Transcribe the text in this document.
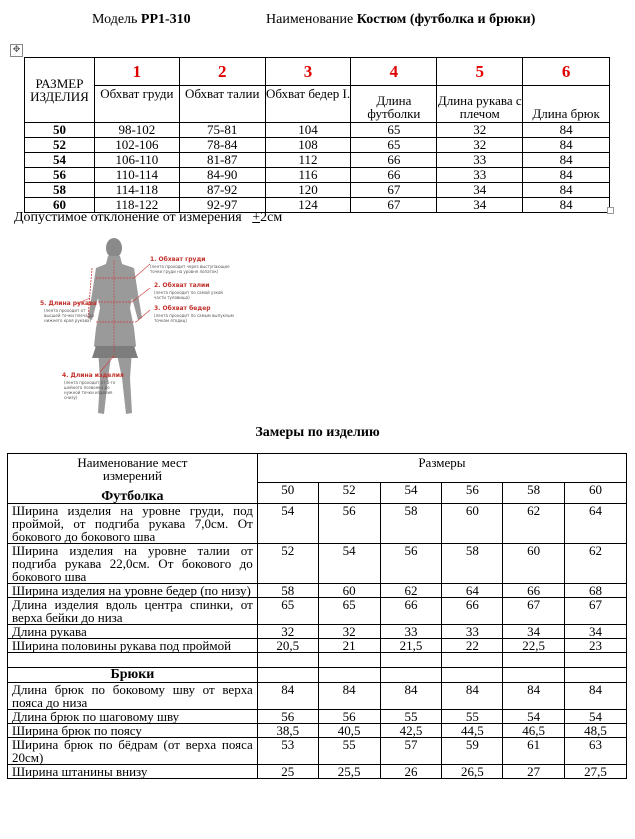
Модель PP1-310	Наименование Костюм (футболка и брюки)
✥
РАЗМЕР ИЗДЕЛИЯ	1	2	3	4	5	6
	Обхват груди	Обхват талии	Обхват бедер I.	Длина футболки	Длина рукава с плечом	Длина брюк
50	98-102	75-81	104	65	32	84
52	102-106	78-84	108	65	32	84
54	106-110	81-87	112	66	33	84
56	110-114	84-90	116	66	33	84
58	114-118	87-92	120	67	34	84
60	118-122	92-97	124	67	34	84
Допустимое отклонение от измерения +2см
1. Обхват груди
(лента проходит через выступающие точки груди на уровне лопаток)
2. Обхват талии
(лента проходит по самой узкой части туловища)
3. Обхват бедер
(лента проходит по самым выпуклым точкам ягодиц)
5. Длина рукава
(лента проходит от высшей точки плеча до нижнего края рукава)
4. Длина изделия
(лента проходит от 6-го шейного позвонка до нужной точки изделия снизу)
Замеры по изделию
Наименование мест измерений	Размеры					
Футболка	50	52	54	56	58	60
Ширина изделия на уровне груди, под проймой, от подгиба рукава 7,0см. От бокового до бокового шва	54	56	58	60	62	64
Ширина изделия на уровне талии от подгиба рукава 22,0см. От бокового до бокового шва	52	54	56	58	60	62
Ширина изделия на уровне бедер (по низу)	58	60	62	64	66	68
Длина изделия вдоль центра спинки, от верха бейки до низа	65	65	66	66	67	67
Длина рукава	32	32	33	33	34	34
Ширина половины рукава под проймой	20,5	21	21,5	22	22,5	23

Брюки						
Длина брюк по боковому шву от верха пояса до низа	84	84	84	84	84	84
Длина брюк по шаговому шву	56	56	55	55	54	54
Ширина брюк по поясу	38,5	40,5	42,5	44,5	46,5	48,5
Ширина брюк по бёдрам (от верха пояса 20см)	53	55	57	59	61	63
Ширина штанины внизу	25	25,5	26	26,5	27	27,5
